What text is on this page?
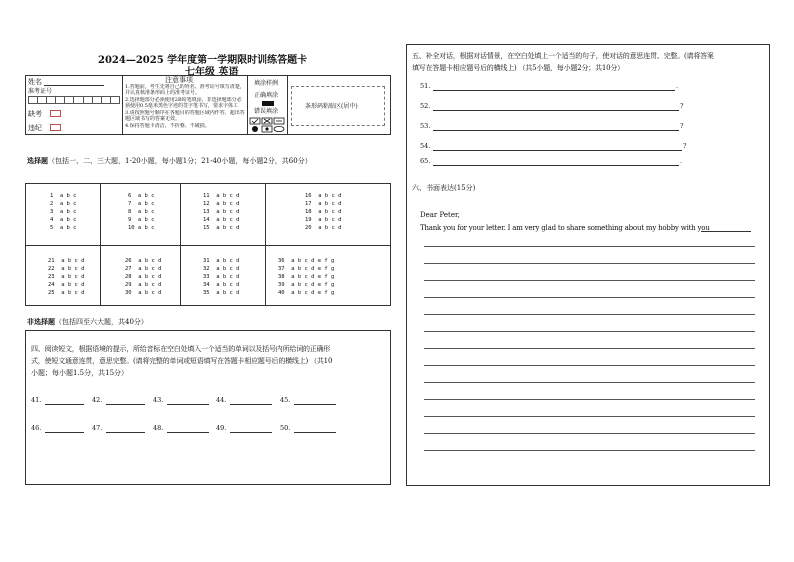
2024—2025 学年度第一学期限时训练答题卡
七年级 英语
姓名
准考证号
缺考
违纪
注意事项
1.答题前，考生先将自己的姓名、准考证号填写清楚，并认真核准条形码上的准考证号。
2.选择题部分必须使用2B铅笔填涂，非选择题部分必须使用0.5毫米黑色字迹的签字笔书写，要求字体工
3.请按照题号顺序在各题目的答题区域内作答，超出答题区域书写的答案无效。
4.保持答题卡清洁，不折叠、不破损。
填涂样例
正确填涂
错误填涂
条形码粘贴区(居中)
选择题（包括一、二、三大题，1-20小题，每小题1分；21-40小题，每小题2分，共60分）
1  a b c
2  a b c
3  a b c
4  a b c
5  a b c
6  a b c
7  a b c
8  a b c
9  a b c
10 a b c
11  a b c d
12  a b c d
13  a b c d
14  a b c d
15  a b c d
16  a b c d
17  a b c d
18  a b c d
19  a b c d
20  a b c d
21  a b c d
22  a b c d
23  a b c d
24  a b c d
25  a b c d
26  a b c d
27  a b c d
28  a b c d
29  a b c d
30  a b c d
31  a b c d
32  a b c d
33  a b c d
34  a b c d
35  a b c d
36  a b c d e f g
37  a b c d e f g
38  a b c d e f g
39  a b c d e f g
40  a b c d e f g
非选择题（包括四至六大题，共40分）
四、阅读短文，根据语境的提示，所给音标在空白处填入一个适当的单词以及括号内所给词的正确形
式，使短文通意连贯，意思完整。(请将完整的单词或短语填写在答题卡相应题号后的横线上) （共10
小题；每小题1.5分，共15分）
41.	42.	43.	44.	45.
46.	47.	48.	49.	50.
五、补全对话，根据对话情景，在空白处填上一个适当的句子，使对话的意思连贯、完整。(请将答案
填写在答题卡相应题号后的横线上) （共5小题，每小题2分；共10分）
51.	.
52.	?
53.	?
54.	?
65.	.
六、书面表达(15分)
Dear Peter,
Thank you for your letter. I am very glad to share something about my hobby with you
